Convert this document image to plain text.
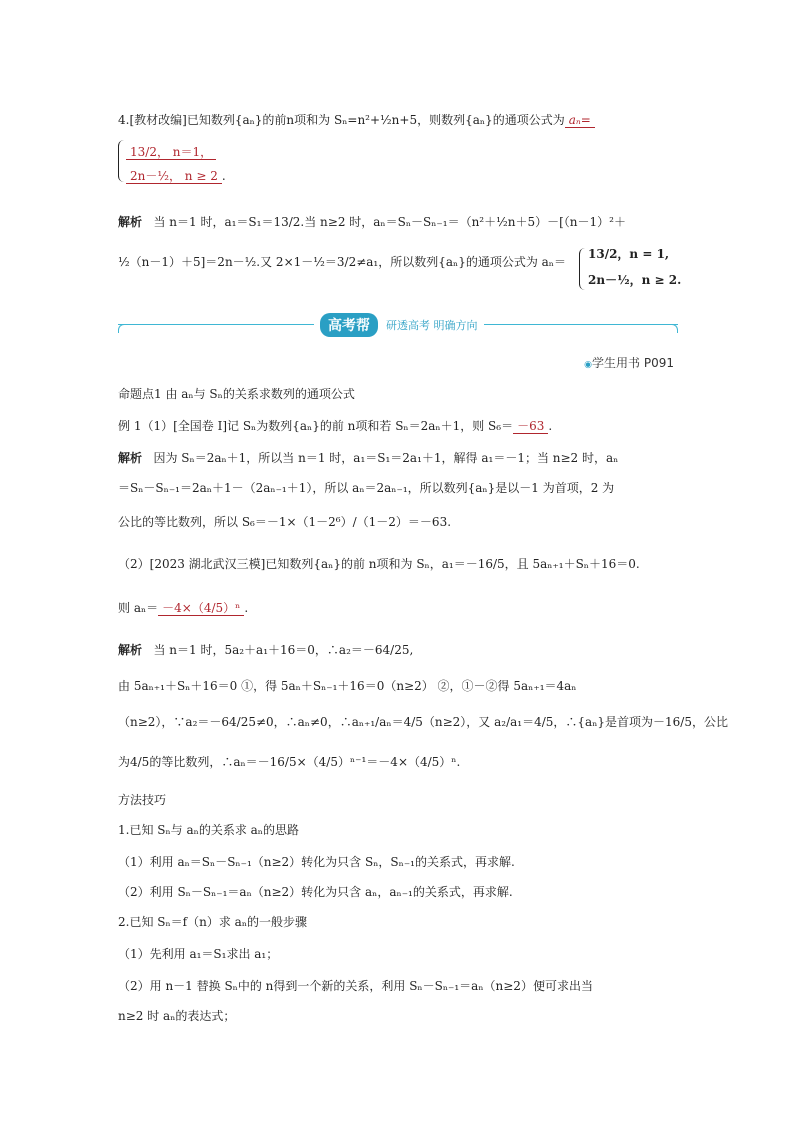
4.[教材改编]已知数列{aₙ}的前n项和为 Sₙ=n²+½n+5，则数列{aₙ}的通项公式为 aₙ=
13/2， n＝1，
2n－½， n ≥ 2 .
解析 当 n＝1 时，a₁＝S₁＝13/2.当 n≥2 时，aₙ＝Sₙ－Sₙ₋₁＝（n²＋½n＋5）－[（n－1）²＋
½（n－1）＋5]＝2n－½.又 2×1－½＝3/2≠a₁，所以数列{aₙ}的通项公式为 aₙ＝
13/2，n = 1,
2n－½，n ≥ 2.
高考帮	研透高考 明确方向
◉学生用书 P091
命题点1 由 aₙ与 Sₙ的关系求数列的通项公式
例 1（1）[全国卷 I]记 Sₙ为数列{aₙ}的前 n项和若 Sₙ＝2aₙ＋1，则 S₆＝ －63 .
解析 因为 Sₙ＝2aₙ＋1，所以当 n＝1 时，a₁＝S₁＝2a₁＋1，解得 a₁＝－1；当 n≥2 时，aₙ
＝Sₙ－Sₙ₋₁＝2aₙ＋1－（2aₙ₋₁＋1），所以 aₙ＝2aₙ₋₁，所以数列{aₙ}是以－1 为首项，2 为
公比的等比数列，所以 S₆＝－1×（1－2⁶）/（1－2）＝－63.
（2）[2023 湖北武汉三模]已知数列{aₙ}的前 n项和为 Sₙ，a₁＝－16/5，且 5aₙ₊₁＋Sₙ＋16＝0.
则 aₙ＝ －4×（4/5）ⁿ .
解析 当 n＝1 时，5a₂＋a₁＋16＝0，∴a₂＝－64/25,
由 5aₙ₊₁＋Sₙ＋16＝0 ①，得 5aₙ＋Sₙ₋₁＋16＝0（n≥2） ②，①－②得 5aₙ₊₁＝4aₙ
（n≥2），∵a₂＝－64/25≠0，∴aₙ≠0，∴aₙ₊₁/aₙ＝4/5（n≥2），又 a₂/a₁＝4/5，∴{aₙ}是首项为－16/5，公比
为4/5的等比数列，∴aₙ＝－16/5×（4/5）ⁿ⁻¹＝－4×（4/5）ⁿ.
方法技巧
1.已知 Sₙ与 aₙ的关系求 aₙ的思路
（1）利用 aₙ＝Sₙ－Sₙ₋₁（n≥2）转化为只含 Sₙ，Sₙ₋₁的关系式，再求解.
（2）利用 Sₙ－Sₙ₋₁＝aₙ（n≥2）转化为只含 aₙ，aₙ₋₁的关系式，再求解.
2.已知 Sₙ＝f（n）求 aₙ的一般步骤
（1）先利用 a₁＝S₁求出 a₁；
（2）用 n－1 替换 Sₙ中的 n得到一个新的关系，利用 Sₙ－Sₙ₋₁＝aₙ（n≥2）便可求出当
n≥2 时 aₙ的表达式；
